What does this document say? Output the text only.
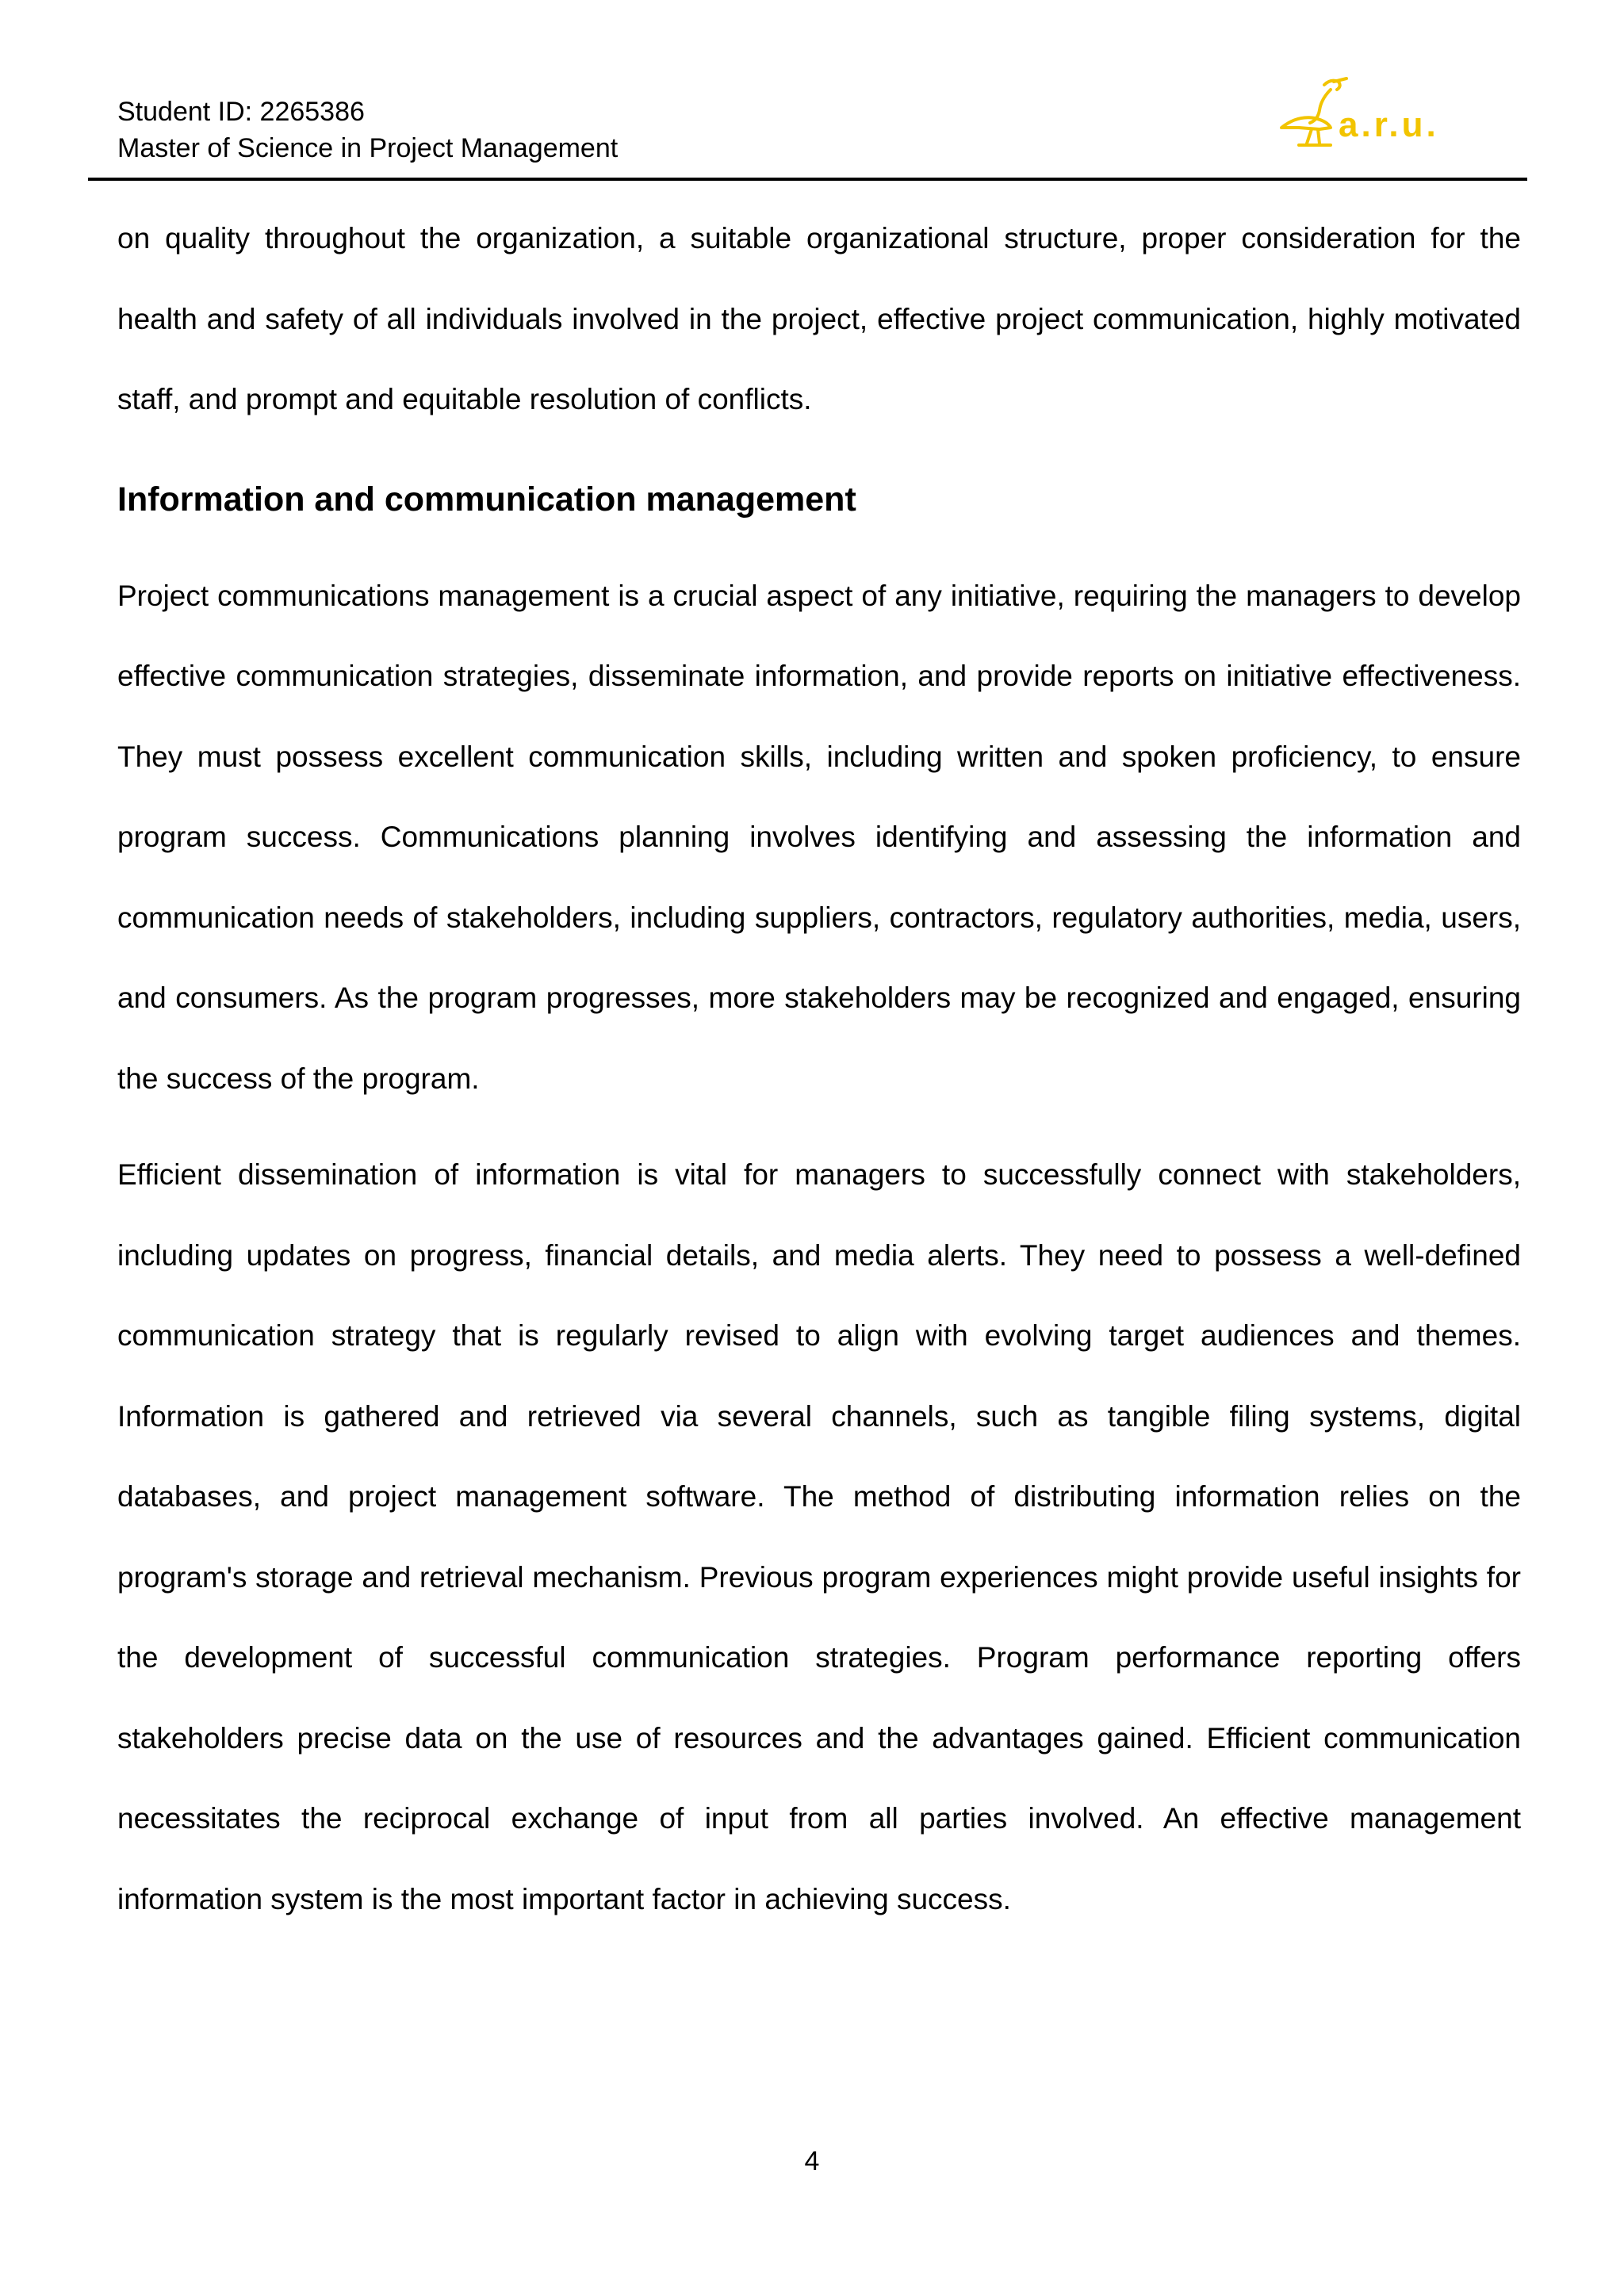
Student ID: 2265386
Master of Science in Project Management
a.r.u.

on quality throughout the organization, a suitable organizational structure, proper consideration for the health and safety of all individuals involved in the project, effective project communication, highly motivated staff, and prompt and equitable resolution of conflicts.

Information and communication management

Project communications management is a crucial aspect of any initiative, requiring the managers to develop effective communication strategies, disseminate information, and provide reports on initiative effectiveness. They must possess excellent communication skills, including written and spoken proficiency, to ensure program success. Communications planning involves identifying and assessing the information and communication needs of stakeholders, including suppliers, contractors, regulatory authorities, media, users, and consumers. As the program progresses, more stakeholders may be recognized and engaged, ensuring the success of the program.

Efficient dissemination of information is vital for managers to successfully connect with stakeholders, including updates on progress, financial details, and media alerts. They need to possess a well-defined communication strategy that is regularly revised to align with evolving target audiences and themes. Information is gathered and retrieved via several channels, such as tangible filing systems, digital databases, and project management software. The method of distributing information relies on the program's storage and retrieval mechanism. Previous program experiences might provide useful insights for the development of successful communication strategies. Program performance reporting offers stakeholders precise data on the use of resources and the advantages gained. Efficient communication necessitates the reciprocal exchange of input from all parties involved. An effective management information system is the most important factor in achieving success.

4
